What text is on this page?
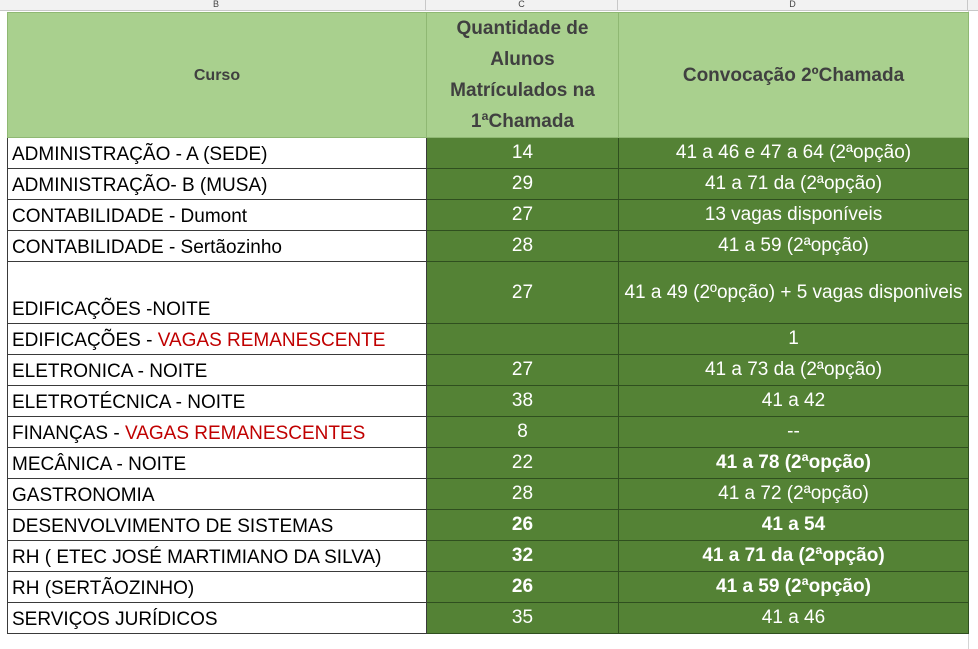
B	C	D
Curso	Quantidade de Alunos Matrículados na 1ªChamada	Convocação 2ºChamada
ADMINISTRAÇÃO - A (SEDE)	14	41 a 46 e 47 a 64 (2ªopção)
ADMINISTRAÇÃO- B (MUSA)	29	41 a 71 da (2ªopção)
CONTABILIDADE - Dumont	27	13 vagas disponíveis
CONTABILIDADE - Sertãozinho	28	41 a 59 (2ªopção)
EDIFICAÇÕES -NOITE	27	41 a 49 (2ºopção) + 5 vagas disponiveis
EDIFICAÇÕES - VAGAS REMANESCENTE		1
ELETRONICA - NOITE	27	41 a 73 da (2ªopção)
ELETROTÉCNICA - NOITE	38	41 a 42
FINANÇAS - VAGAS REMANESCENTES	8	--
MECÂNICA - NOITE	22	41 a 78 (2ªopção)
GASTRONOMIA	28	41 a 72 (2ªopção)
DESENVOLVIMENTO DE SISTEMAS	26	41 a 54
RH ( ETEC JOSÉ MARTIMIANO DA SILVA)	32	41 a 71 da (2ªopção)
RH (SERTÃOZINHO)	26	41 a 59 (2ªopção)
SERVIÇOS JURÍDICOS	35	41 a 46
